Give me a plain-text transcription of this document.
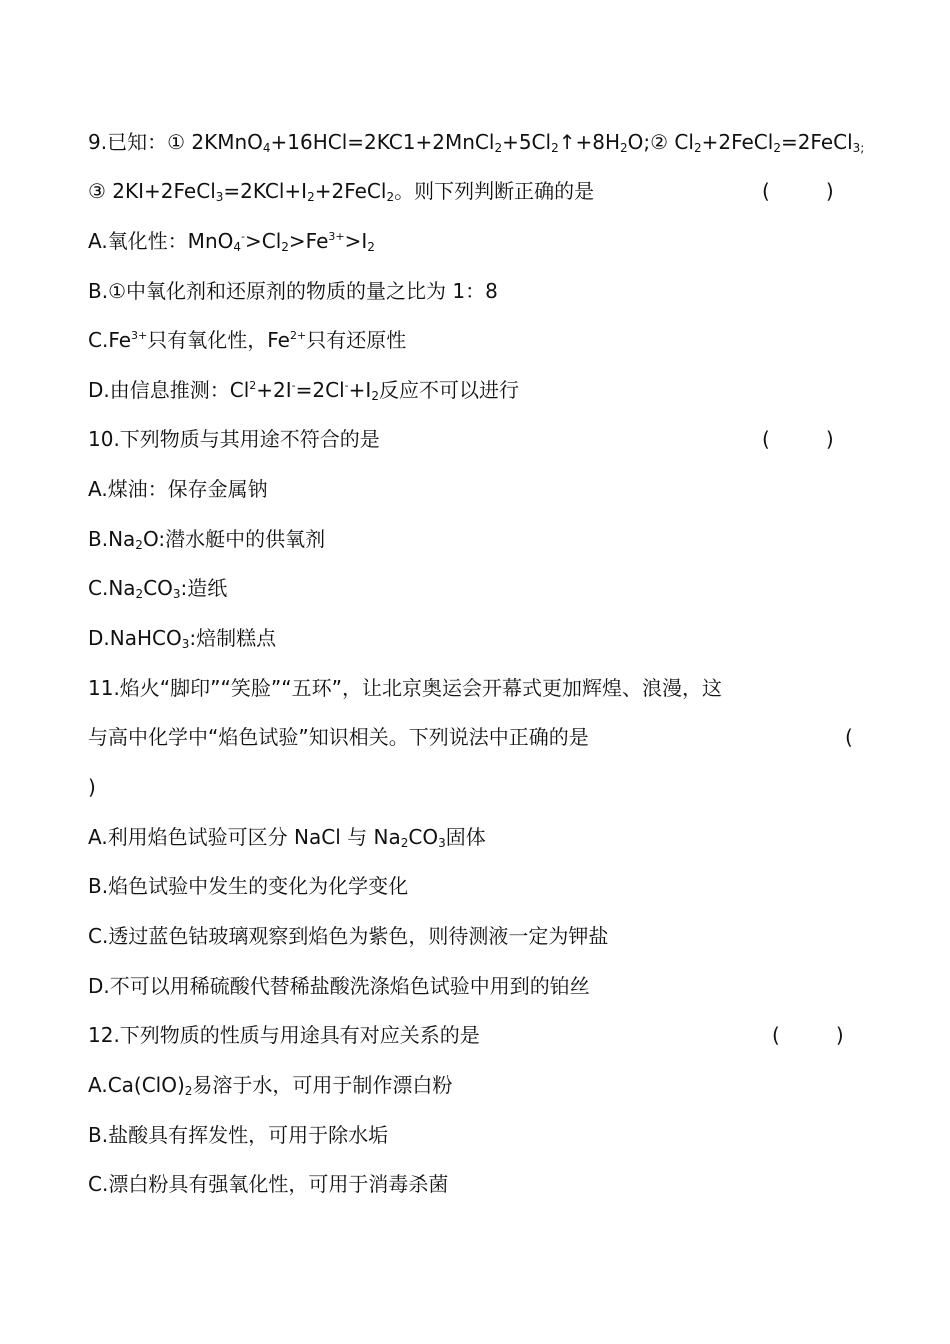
9.已知：① $2KMnO_4+16HCl=2KC1+2MnCl_2+5Cl_2↑+8H_2O;②$ $Cl_2+2FeCl_2=2FeCl_{3;}$
③ $2KI+2FeCl_3=2KCl+I_2+2FeCl_2$。则下列判断正确的是	(	)
A.氧化性：$MnO_4^->Cl_2>Fe^{3+}>I_2$
B.①中氧化剂和还原剂的物质的量之比为 1：8
$C.Fe^{3+}$只有氧化性，$Fe^{2+}$只有还原性
D.由信息推测：$Cl^2+2I^-=2Cl^-+I_2$反应不可以进行
10.下列物质与其用途不符合的是	(	)
A.煤油：保存金属钠
$B.Na_2O$:潜水艇中的供氧剂
$C.Na_2CO_3$:造纸
D.NaHCO$_3$:焙制糕点
11.焰火“脚印”“笑脸”“五环”，让北京奥运会开幕式更加辉煌、浪漫，这
与高中化学中“焰色试验”知识相关。下列说法中正确的是	(
)
A.利用焰色试验可区分 NaCl 与 $Na_2CO_3$固体
B.焰色试验中发生的变化为化学变化
C.透过蓝色钴玻璃观察到焰色为紫色，则待测液一定为钾盐
D.不可以用稀硫酸代替稀盐酸洗涤焰色试验中用到的铂丝
12.下列物质的性质与用途具有对应关系的是	(	)
$A.Ca(ClO)_2$易溶于水，可用于制作漂白粉
B.盐酸具有挥发性，可用于除水垢
C.漂白粉具有强氧化性，可用于消毒杀菌
